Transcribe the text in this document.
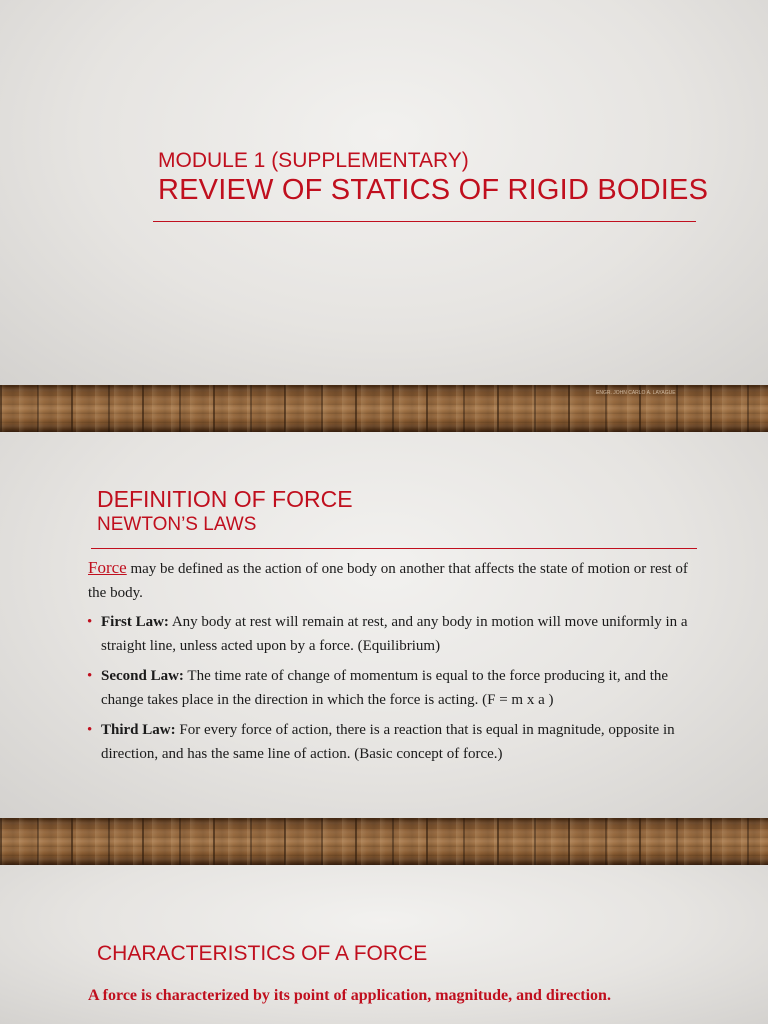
MODULE 1 (SUPPLEMENTARY)
REVIEW OF STATICS OF RIGID BODIES
ENGR. JOHN CARLO A. LAYAGUE
DEFINITION OF FORCE
NEWTON’S LAWS

Force may be defined as the action of one body on another that affects the state of motion or rest of the body.

• First Law: Any body at rest will remain at rest, and any body in motion will move uniformly in a straight line, unless acted upon by a force. (Equilibrium)
• Second Law: The time rate of change of momentum is equal to the force producing it, and the change takes place in the direction in which the force is acting. (F = m x a )
• Third Law: For every force of action, there is a reaction that is equal in magnitude, opposite in direction, and has the same line of action. (Basic concept of force.)
CHARACTERISTICS OF A FORCE
A force is characterized by its point of application, magnitude, and direction.
